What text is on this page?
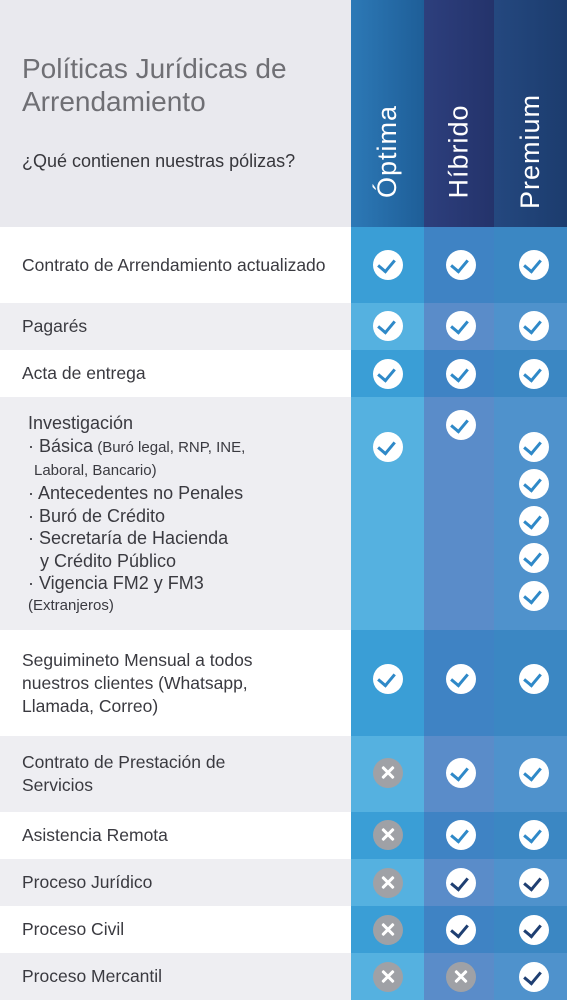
Políticas Jurídicas de Arrendamiento
¿Qué contienen nuestras pólizas?	Óptima Híbrido Premium
Contrato de Arrendamiento actualizado
Pagarés
Acta de entrega
Investigación
· Básica (Buró legal, RNP, INE,
Laboral, Bancario)
· Antecedentes no Penales
· Buró de Crédito
· Secretaría de Hacienda
y Crédito Público
· Vigencia FM2 y FM3
(Extranjeros)
Seguimineto Mensual a todos nuestros clientes (Whatsapp, Llamada, Correo)
Contrato de Prestación de Servicios
Asistencia Remota
Proceso Jurídico
Proceso Civil
Proceso Mercantil
